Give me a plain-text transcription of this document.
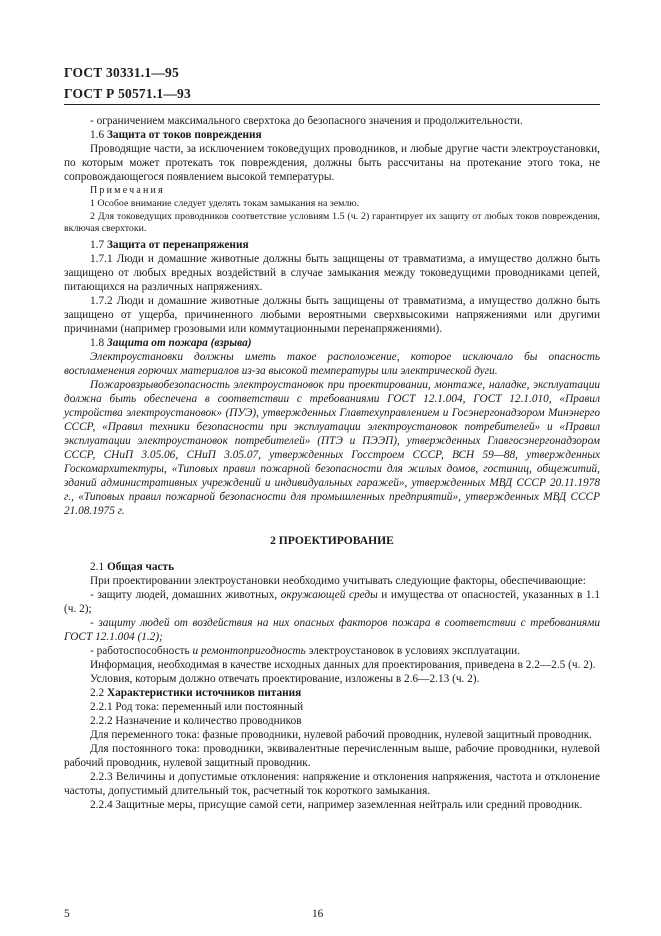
ГОСТ 30331.1—95
ГОСТ Р 50571.1—93

- ограничением максимального сверхтока до безопасного значения и продолжительности.

1.6 Защита от токов повреждения

Проводящие части, за исключением токоведущих проводников, и любые другие части электроустановки, по которым может протекать ток повреждения, должны быть рассчитаны на протекание этого тока, не сопровождающегося появлением высокой температуры.

Примечания

1 Особое внимание следует уделять токам замыкания на землю.

2 Для токоведущих проводников соответствие условиям 1.5 (ч. 2) гарантирует их защиту от любых токов повреждения, включая сверхтоки.

1.7 Защита от перенапряжения

1.7.1 Люди и домашние животные должны быть защищены от травматизма, а имущество должно быть защищено от любых вредных воздействий в случае замыкания между токоведущими проводниками цепей, питающихся на различных напряжениях.

1.7.2 Люди и домашние животные должны быть защищены от травматизма, а имущество должно быть защищено от ущерба, причиненного любыми вероятными сверхвысокими напряжениями или другими причинами (например грозовыми или коммутационными перенапряжениями).

1.8 Защита от пожара (взрыва)

Электроустановки должны иметь такое расположение, которое исключало бы опасность воспламенения горючих материалов из-за высокой температуры или электрической дуги.

Пожаровзрывобезопасность электроустановок при проектировании, монтаже, наладке, эксплуатации должна быть обеспечена в соответствии с требованиями ГОСТ 12.1.004, ГОСТ 12.1.010, «Правил устройства электроустановок» (ПУЭ), утвержденных Главтехуправлением и Госэнергонадзором Минэнерго СССР, «Правил техники безопасности при эксплуатации электроустановок потребителей» и «Правил эксплуатации электроустановок потребителей» (ПТЭ и ПЭЭП), утвержденных Главгосэнергонадзором СССР, СНиП 3.05.06, СНиП 3.05.07, утвержденных Госстроем СССР, ВСН 59—88, утвержденных Госкомархитектуры, «Типовых правил пожарной безопасности для жилых домов, гостиниц, общежитий, зданий административных учреждений и индивидуальных гаражей», утвержденных МВД СССР 20.11.1978 г., «Типовых правил пожарной безопасности для промышленных предприятий», утвержденных МВД СССР 21.08.1975 г.

2 ПРОЕКТИРОВАНИЕ

2.1 Общая часть

При проектировании электроустановки необходимо учитывать следующие факторы, обеспечивающие:

- защиту людей, домашних животных, окружающей среды и имущества от опасностей, указанных в 1.1 (ч. 2);

- защиту людей от воздействия на них опасных факторов пожара в соответствии с требованиями ГОСТ 12.1.004 (1.2);

- работоспособность и ремонтопригодность электроустановок в условиях эксплуатации.

Информация, необходимая в качестве исходных данных для проектирования, приведена в 2.2—2.5 (ч. 2).

Условия, которым должно отвечать проектирование, изложены в 2.6—2.13 (ч. 2).

2.2 Характеристики источников питания

2.2.1 Род тока: переменный или постоянный

2.2.2 Назначение и количество проводников

Для переменного тока: фазные проводники, нулевой рабочий проводник, нулевой защитный проводник.

Для постоянного тока: проводники, эквивалентные перечисленным выше, рабочие проводники, нулевой рабочий проводник, нулевой защитный проводник.

2.2.3 Величины и допустимые отклонения: напряжение и отклонения напряжения, частота и отклонение частоты, допустимый длительный ток, расчетный ток короткого замыкания.

2.2.4 Защитные меры, присущие самой сети, например заземленная нейтраль или средний проводник.

5	16
